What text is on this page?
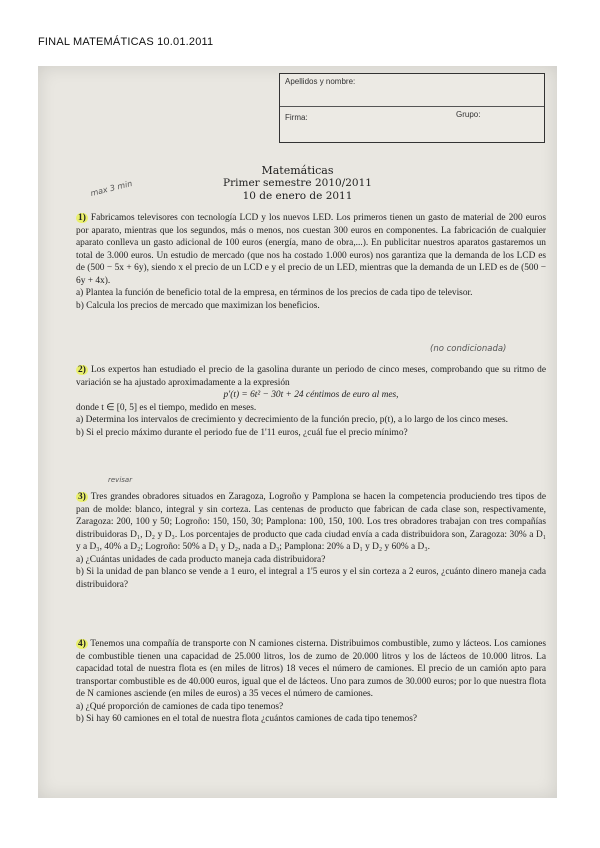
FINAL MATEMÁTICAS 10.01.2011
Apellidos y nombre:
Firma:	Grupo:
Matemáticas
Primer semestre 2010/2011
10 de enero de 2011
max 3 min
(no condicionada)
revisar

1) Fabricamos televisores con tecnología LCD y los nuevos LED. Los primeros tienen un gasto de material de 200 euros por aparato, mientras que los segundos, más o menos, nos cuestan 300 euros en componentes. La fabricación de cualquier aparato conlleva un gasto adicional de 100 euros (energía, mano de obra,...). En publicitar nuestros aparatos gastaremos un total de 3.000 euros. Un estudio de mercado (que nos ha costado 1.000 euros) nos garantiza que la demanda de los LCD es de (500 − 5x + 6y), siendo x el precio de un LCD e y el precio de un LED, mientras que la demanda de un LED es de (500 − 6y + 4x).

a) Plantea la función de beneficio total de la empresa, en términos de los precios de cada tipo de televisor.

b) Calcula los precios de mercado que maximizan los beneficios.

2) Los expertos han estudiado el precio de la gasolina durante un periodo de cinco meses, comprobando que su ritmo de variación se ha ajustado aproximadamente a la expresión

p′(t) = 6t² − 30t + 24 céntimos de euro al mes,

donde t ∈ [0, 5] es el tiempo, medido en meses.

a) Determina los intervalos de crecimiento y decrecimiento de la función precio, p(t), a lo largo de los cinco meses.

b) Si el precio máximo durante el periodo fue de 1'11 euros, ¿cuál fue el precio mínimo?

3) Tres grandes obradores situados en Zaragoza, Logroño y Pamplona se hacen la competencia produciendo tres tipos de pan de molde: blanco, integral y sin corteza. Las centenas de producto que fabrican de cada clase son, respectivamente, Zaragoza: 200, 100 y 50; Logroño: 150, 150, 30; Pamplona: 100, 150, 100. Los tres obradores trabajan con tres compañías distribuidoras D₁, D₂ y D₃. Los porcentajes de producto que cada ciudad envía a cada distribuidora son, Zaragoza: 30% a D₁ y a D₃, 40% a D₂; Logroño: 50% a D₁ y D₂, nada a D₃; Pamplona: 20% a D₁ y D₂ y 60% a D₃.

a) ¿Cuántas unidades de cada producto maneja cada distribuidora?

b) Si la unidad de pan blanco se vende a 1 euro, el integral a 1'5 euros y el sin corteza a 2 euros, ¿cuánto dinero maneja cada distribuidora?

4) Tenemos una compañía de transporte con N camiones cisterna. Distribuimos combustible, zumo y lácteos. Los camiones de combustible tienen una capacidad de 25.000 litros, los de zumo de 20.000 litros y los de lácteos de 10.000 litros. La capacidad total de nuestra flota es (en miles de litros) 18 veces el número de camiones. El precio de un camión apto para transportar combustible es de 40.000 euros, igual que el de lácteos. Uno para zumos de 30.000 euros; por lo que nuestra flota de N camiones asciende (en miles de euros) a 35 veces el número de camiones.

a) ¿Qué proporción de camiones de cada tipo tenemos?

b) Si hay 60 camiones en el total de nuestra flota ¿cuántos camiones de cada tipo tenemos?
